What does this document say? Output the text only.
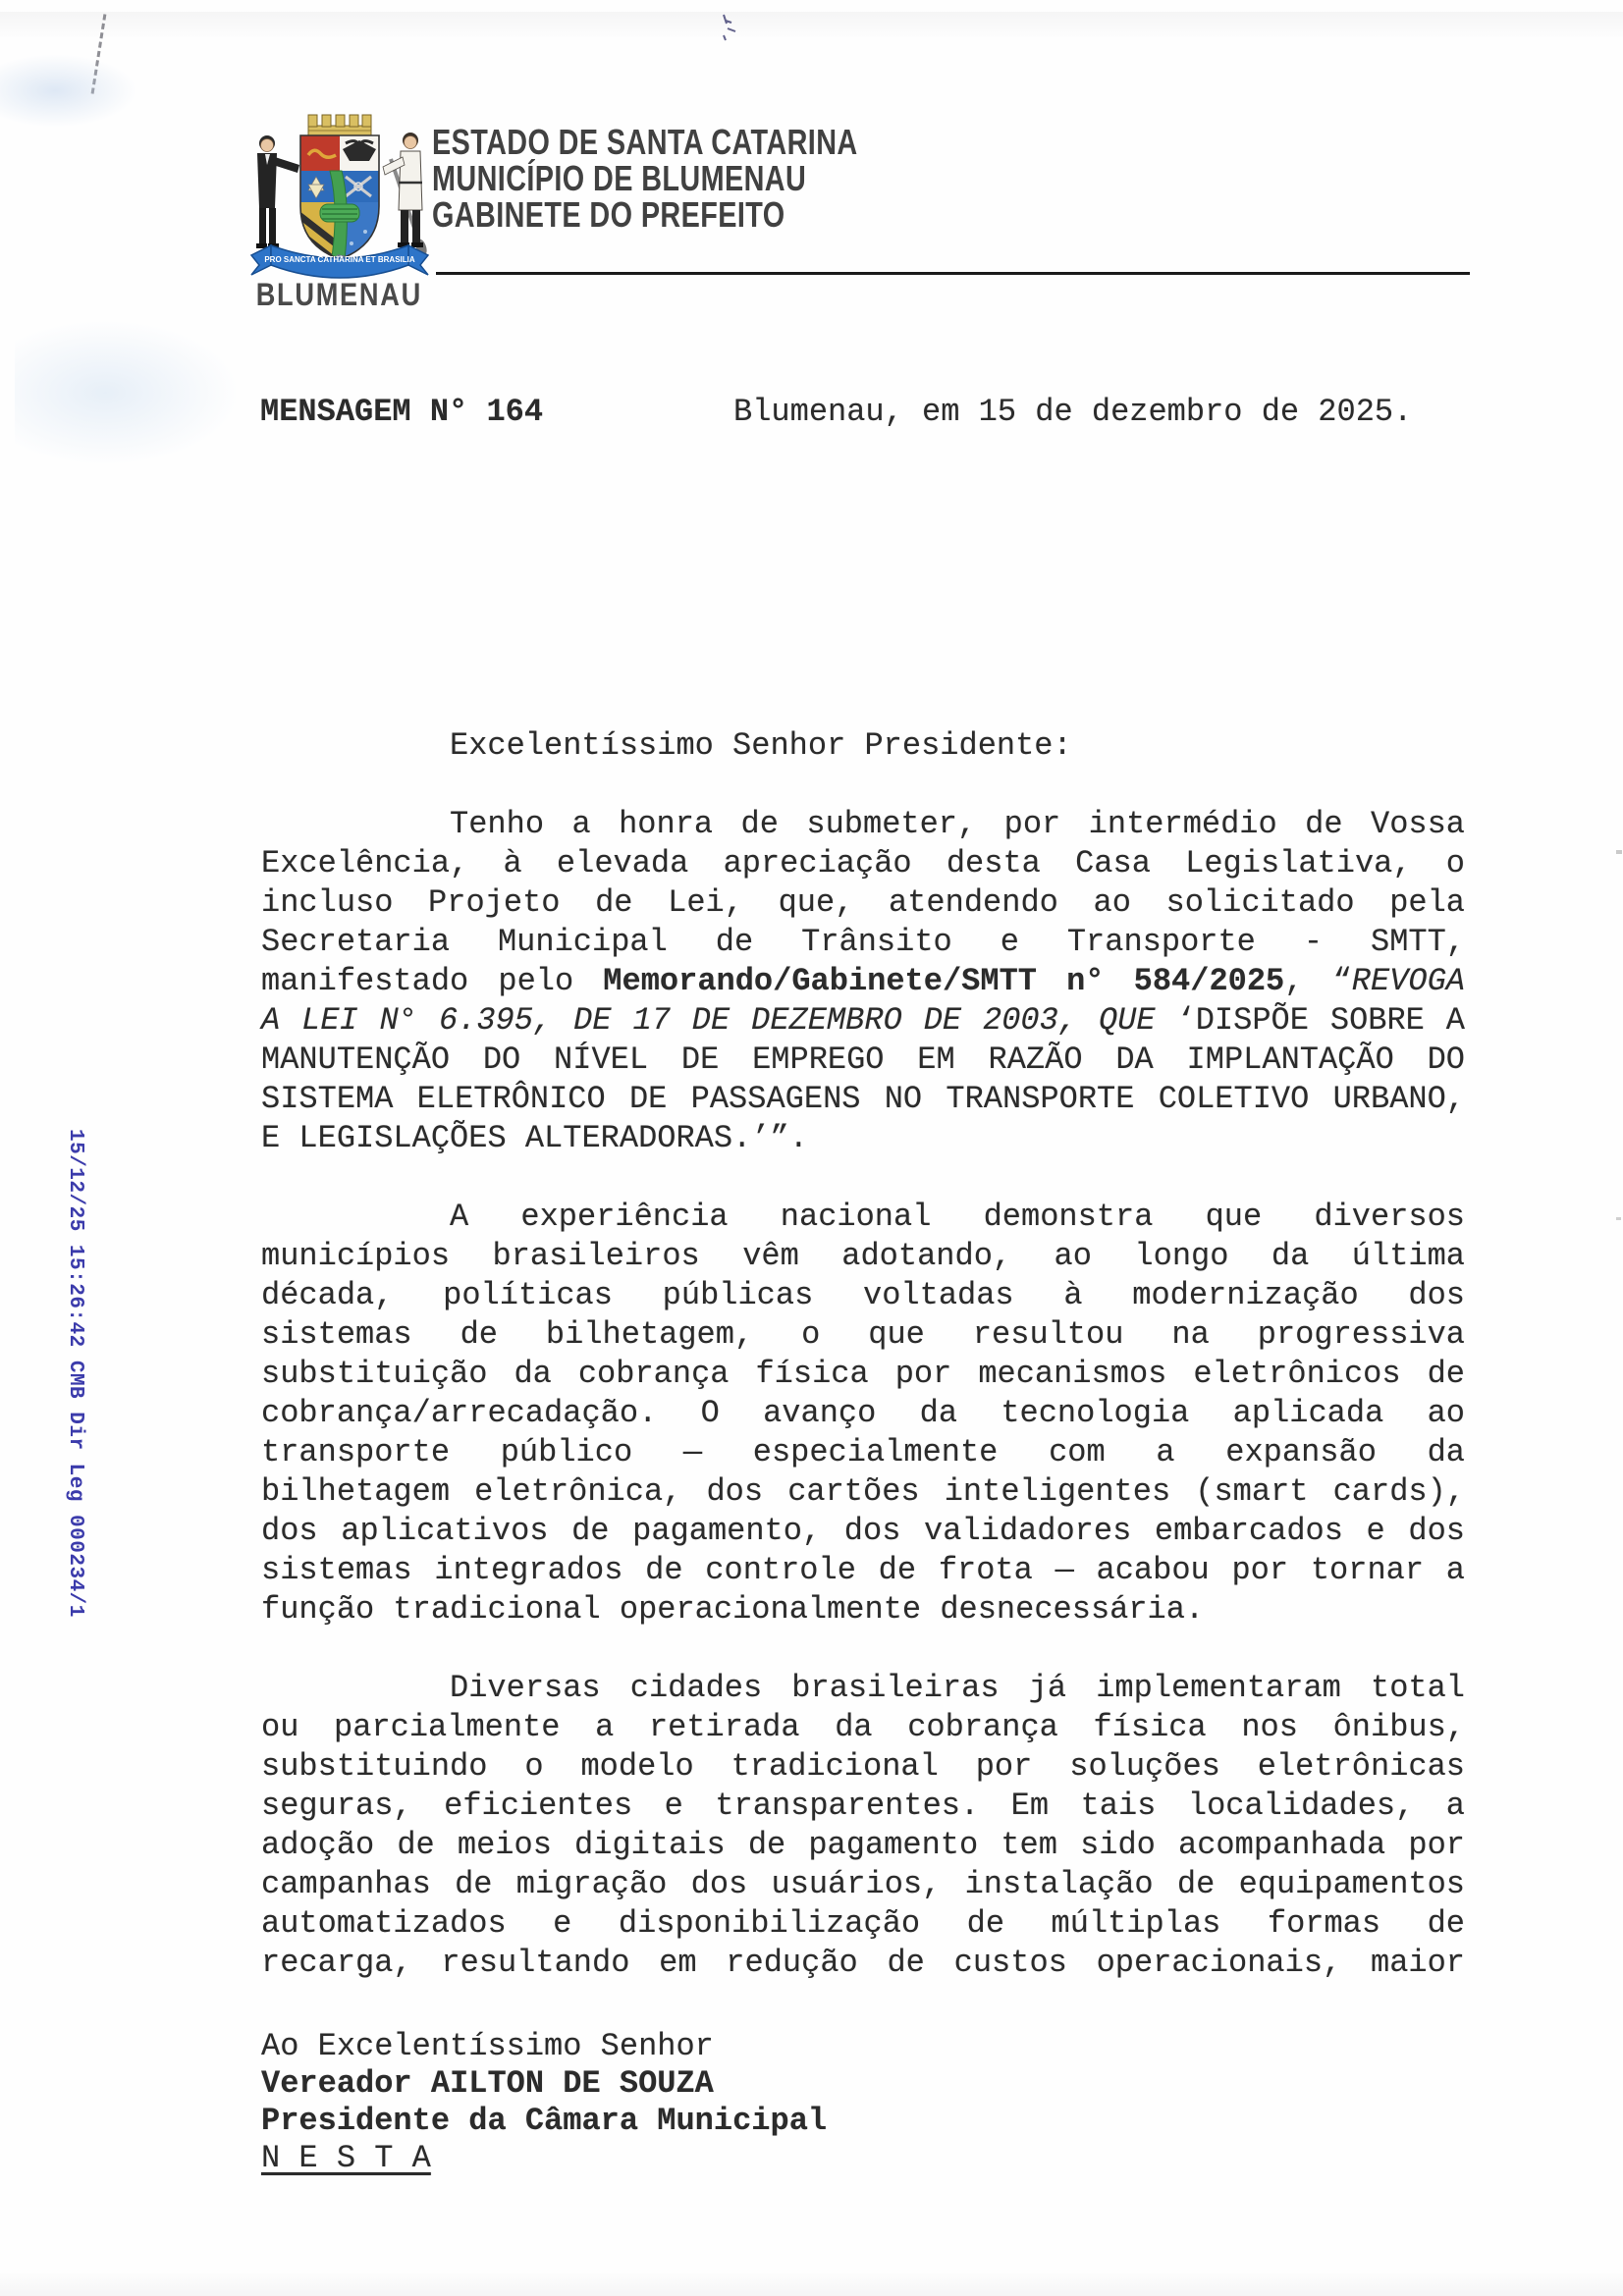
PRO SANCTA CATHARINA ET BRASILIA
BLUMENAU
ESTADO DE SANTA CATARINA
MUNICÍPIO DE BLUMENAU
GABINETE DO PREFEITO
MENSAGEM N° 164	Blumenau, em 15 de dezembro de 2025.
15/12/25 15:26:42 CMB Dir Leg 000234/1
Excelentíssimo Senhor Presidente:
Tenho a honra de submeter, por intermédio de Vossa
Excelência, à elevada apreciação desta Casa Legislativa, o
incluso Projeto de Lei, que, atendendo ao solicitado pela
Secretaria Municipal de Trânsito e Transporte - SMTT,
manifestado pelo Memorando/Gabinete/SMTT n° 584/2025, “REVOGA
A LEI N° 6.395, DE 17 DE DEZEMBRO DE 2003, QUE ‘DISPÕE SOBRE A
MANUTENÇÃO DO NÍVEL DE EMPREGO EM RAZÃO DA IMPLANTAÇÃO DO
SISTEMA ELETRÔNICO DE PASSAGENS NO TRANSPORTE COLETIVO URBANO,
E LEGISLAÇÕES ALTERADORAS.’”.
A experiência nacional demonstra que diversos
municípios brasileiros vêm adotando, ao longo da última
década, políticas públicas voltadas à modernização dos
sistemas de bilhetagem, o que resultou na progressiva
substituição da cobrança física por mecanismos eletrônicos de
cobrança/arrecadação. O avanço da tecnologia aplicada ao
transporte público — especialmente com a expansão da
bilhetagem eletrônica, dos cartões inteligentes (smart cards),
dos aplicativos de pagamento, dos validadores embarcados e dos
sistemas integrados de controle de frota — acabou por tornar a
função tradicional operacionalmente desnecessária.
Diversas cidades brasileiras já implementaram total
ou parcialmente a retirada da cobrança física nos ônibus,
substituindo o modelo tradicional por soluções eletrônicas
seguras, eficientes e transparentes. Em tais localidades, a
adoção de meios digitais de pagamento tem sido acompanhada por
campanhas de migração dos usuários, instalação de equipamentos
automatizados e disponibilização de múltiplas formas de
recarga, resultando em redução de custos operacionais, maior
Ao Excelentíssimo Senhor
Vereador AILTON DE SOUZA
Presidente da Câmara Municipal
N E S T A
